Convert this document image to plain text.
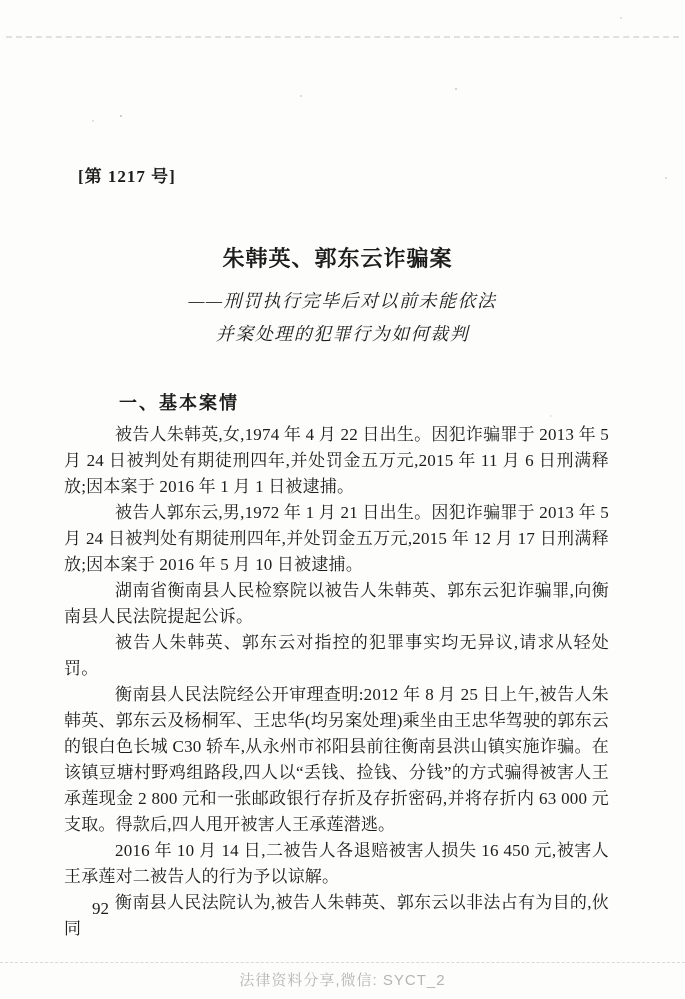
[第 1217 号]
朱韩英、郭东云诈骗案
——刑罚执行完毕后对以前未能依法
并案处理的犯罪行为如何裁判
一、基本案情

被告人朱韩英,女,1974 年 4 月 22 日出生。因犯诈骗罪于 2013 年 5 月 24 日被判处有期徒刑四年,并处罚金五万元,2015 年 11 月 6 日刑满释放;因本案于 2016 年 1 月 1 日被逮捕。

被告人郭东云,男,1972 年 1 月 21 日出生。因犯诈骗罪于 2013 年 5 月 24 日被判处有期徒刑四年,并处罚金五万元,2015 年 12 月 17 日刑满释放;因本案于 2016 年 5 月 10 日被逮捕。

湖南省衡南县人民检察院以被告人朱韩英、郭东云犯诈骗罪,向衡南县人民法院提起公诉。

被告人朱韩英、郭东云对指控的犯罪事实均无异议,请求从轻处罚。

衡南县人民法院经公开审理查明:2012 年 8 月 25 日上午,被告人朱韩英、郭东云及杨桐军、王忠华(均另案处理)乘坐由王忠华驾驶的郭东云的银白色长城 C30 轿车,从永州市祁阳县前往衡南县洪山镇实施诈骗。在该镇豆塘村野鸡组路段,四人以“丢钱、捡钱、分钱”的方式骗得被害人王承莲现金 2 800 元和一张邮政银行存折及存折密码,并将存折内 63 000 元支取。得款后,四人甩开被害人王承莲潜逃。

2016 年 10 月 14 日,二被告人各退赔被害人损失 16 450 元,被害人王承莲对二被告人的行为予以谅解。

衡南县人民法院认为,被告人朱韩英、郭东云以非法占有为目的,伙同

92
法律资料分享,微信: SYCT_2
